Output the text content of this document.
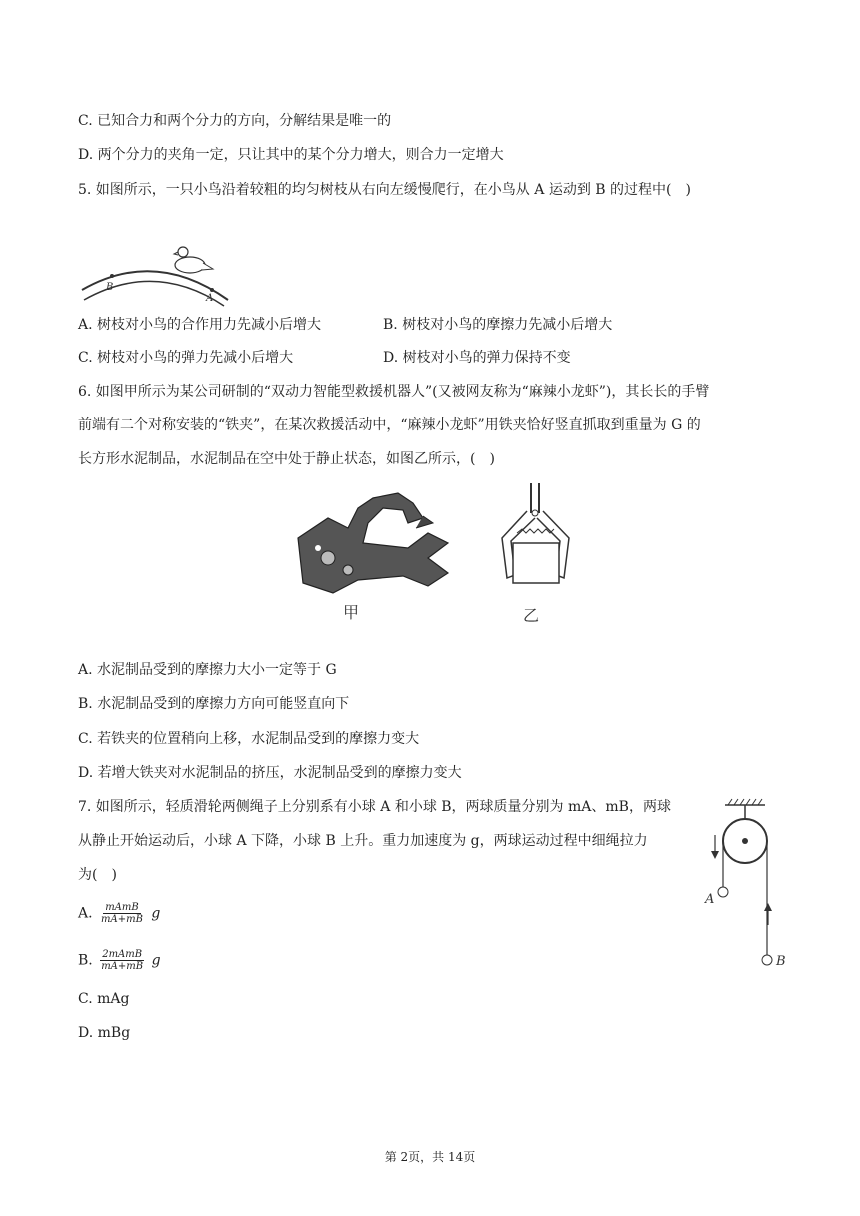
C. 已知合力和两个分力的方向，分解结果是唯一的
D. 两个分力的夹角一定，只让其中的某个分力增大，则合力一定增大
5. 如图所示，一只小鸟沿着较粗的均匀树枝从右向左缓慢爬行，在小鸟从 A 运动到 B 的过程中( )
A
B
A. 树枝对小鸟的合作用力先减小后增大	B. 树枝对小鸟的摩擦力先减小后增大
C. 树枝对小鸟的弹力先减小后增大	D. 树枝对小鸟的弹力保持不变
6. 如图甲所示为某公司研制的“双动力智能型救援机器人”(又被网友称为“麻辣小龙虾”)，其长长的手臂
前端有二个对称安装的“铁夹”，在某次救援活动中，“麻辣小龙虾”用铁夹恰好竖直抓取到重量为 G 的
长方形水泥制品，水泥制品在空中处于静止状态，如图乙所示，( )
甲	乙
A. 水泥制品受到的摩擦力大小一定等于 G
B. 水泥制品受到的摩擦力方向可能竖直向下
C. 若铁夹的位置稍向上移，水泥制品受到的摩擦力变大
D. 若增大铁夹对水泥制品的挤压，水泥制品受到的摩擦力变大
7. 如图所示，轻质滑轮两侧绳子上分别系有小球 A 和小球 B，两球质量分别为 mA、mB，两球
从静止开始运动后，小球 A 下降，小球 B 上升。重力加速度为 g，两球运动过程中细绳拉力
为( )
A. $\frac{\text{mAmB}}{mA+mB}$ g
B. $\frac{\text{2mAmB}}{mA+mB}$ g
C. mAg
D. mBg
A
B
第 2页，共 14页
